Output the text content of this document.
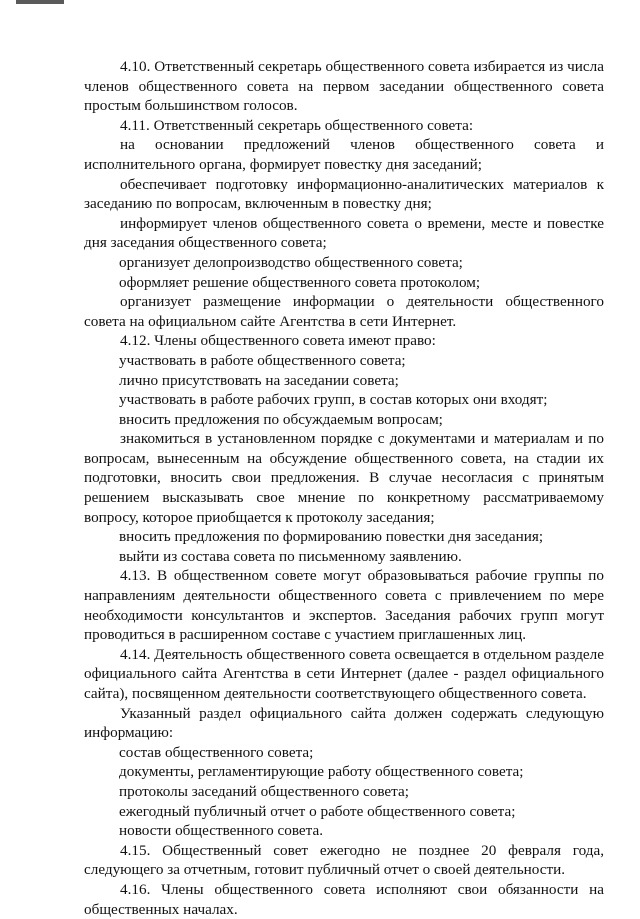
4.10. Ответственный секретарь общественного совета избирается из числа членов общественного совета на первом заседании общественного совета простым большинством голосов.

4.11. Ответственный секретарь общественного совета:

на основании предложений членов общественного совета и исполнительного органа, формирует повестку дня заседаний;

обеспечивает подготовку информационно-аналитических материалов к заседанию по вопросам, включенным в повестку дня;

информирует членов общественного совета о времени, месте и повестке дня заседания общественного совета;

организует делопроизводство общественного совета;

оформляет решение общественного совета протоколом;

организует размещение информации о деятельности общественного совета на официальном сайте Агентства в сети Интернет.

4.12. Члены общественного совета имеют право:

участвовать в работе общественного совета;

лично присутствовать на заседании совета;

участвовать в работе рабочих групп, в состав которых они входят;

вносить предложения по обсуждаемым вопросам;

знакомиться в установленном порядке с документами и материалам и по вопросам, вынесенным на обсуждение общественного совета, на стадии их подготовки, вносить свои предложения. В случае несогласия с принятым решением высказывать свое мнение по конкретному рассматриваемому вопросу, которое приобщается к протоколу заседания;

вносить предложения по формированию повестки дня заседания;

выйти из состава совета по письменному заявлению.

4.13. В общественном совете могут образовываться рабочие группы по направлениям деятельности общественного совета с привлечением по мере необходимости консультантов и экспертов. Заседания рабочих групп могут проводиться в расширенном составе с участием приглашенных лиц.

4.14. Деятельность общественного совета освещается в отдельном разделе официального сайта Агентства в сети Интернет (далее - раздел официального сайта), посвященном деятельности соответствующего общественного совета.

Указанный раздел официального сайта должен содержать следующую информацию:

состав общественного совета;

документы, регламентирующие работу общественного совета;

протоколы заседаний общественного совета;

ежегодный публичный отчет о работе общественного совета;

новости общественного совета.

4.15. Общественный совет ежегодно не позднее 20 февраля года, следующего за отчетным, готовит публичный отчет о своей деятельности.

4.16. Члены общественного совета исполняют свои обязанности на общественных началах.
